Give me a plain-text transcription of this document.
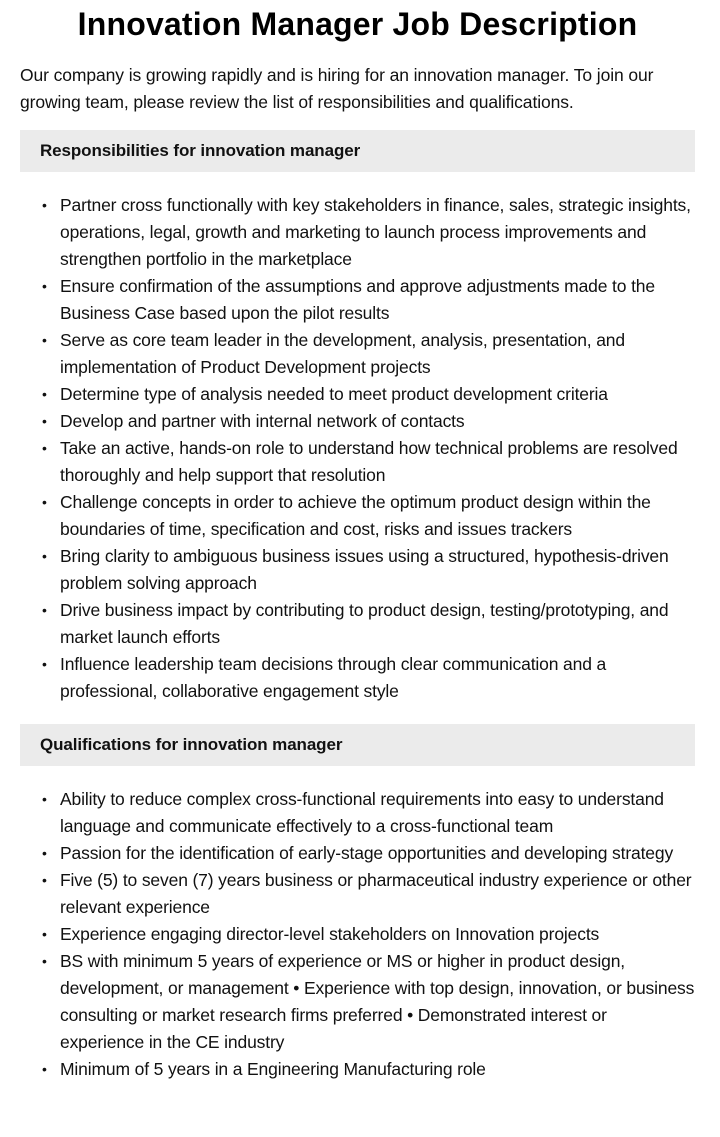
Innovation Manager Job Description

Our company is growing rapidly and is hiring for an innovation manager. To join our growing team, please review the list of responsibilities and qualifications.

Responsibilities for innovation manager
• Partner cross functionally with key stakeholders in finance, sales, strategic insights, operations, legal, growth and marketing to launch process improvements and strengthen portfolio in the marketplace
• Ensure confirmation of the assumptions and approve adjustments made to the Business Case based upon the pilot results
• Serve as core team leader in the development, analysis, presentation, and implementation of Product Development projects
• Determine type of analysis needed to meet product development criteria
• Develop and partner with internal network of contacts
• Take an active, hands-on role to understand how technical problems are resolved thoroughly and help support that resolution
• Challenge concepts in order to achieve the optimum product design within the boundaries of time, specification and cost, risks and issues trackers
• Bring clarity to ambiguous business issues using a structured, hypothesis-driven problem solving approach
• Drive business impact by contributing to product design, testing/prototyping, and market launch efforts
• Influence leadership team decisions through clear communication and a professional, collaborative engagement style
Qualifications for innovation manager
• Ability to reduce complex cross-functional requirements into easy to understand language and communicate effectively to a cross-functional team
• Passion for the identification of early-stage opportunities and developing strategy
• Five (5) to seven (7) years business or pharmaceutical industry experience or other relevant experience
• Experience engaging director-level stakeholders on Innovation projects
• BS with minimum 5 years of experience or MS or higher in product design, development, or management • Experience with top design, innovation, or business consulting or market research firms preferred • Demonstrated interest or experience in the CE industry
• Minimum of 5 years in a Engineering Manufacturing role
